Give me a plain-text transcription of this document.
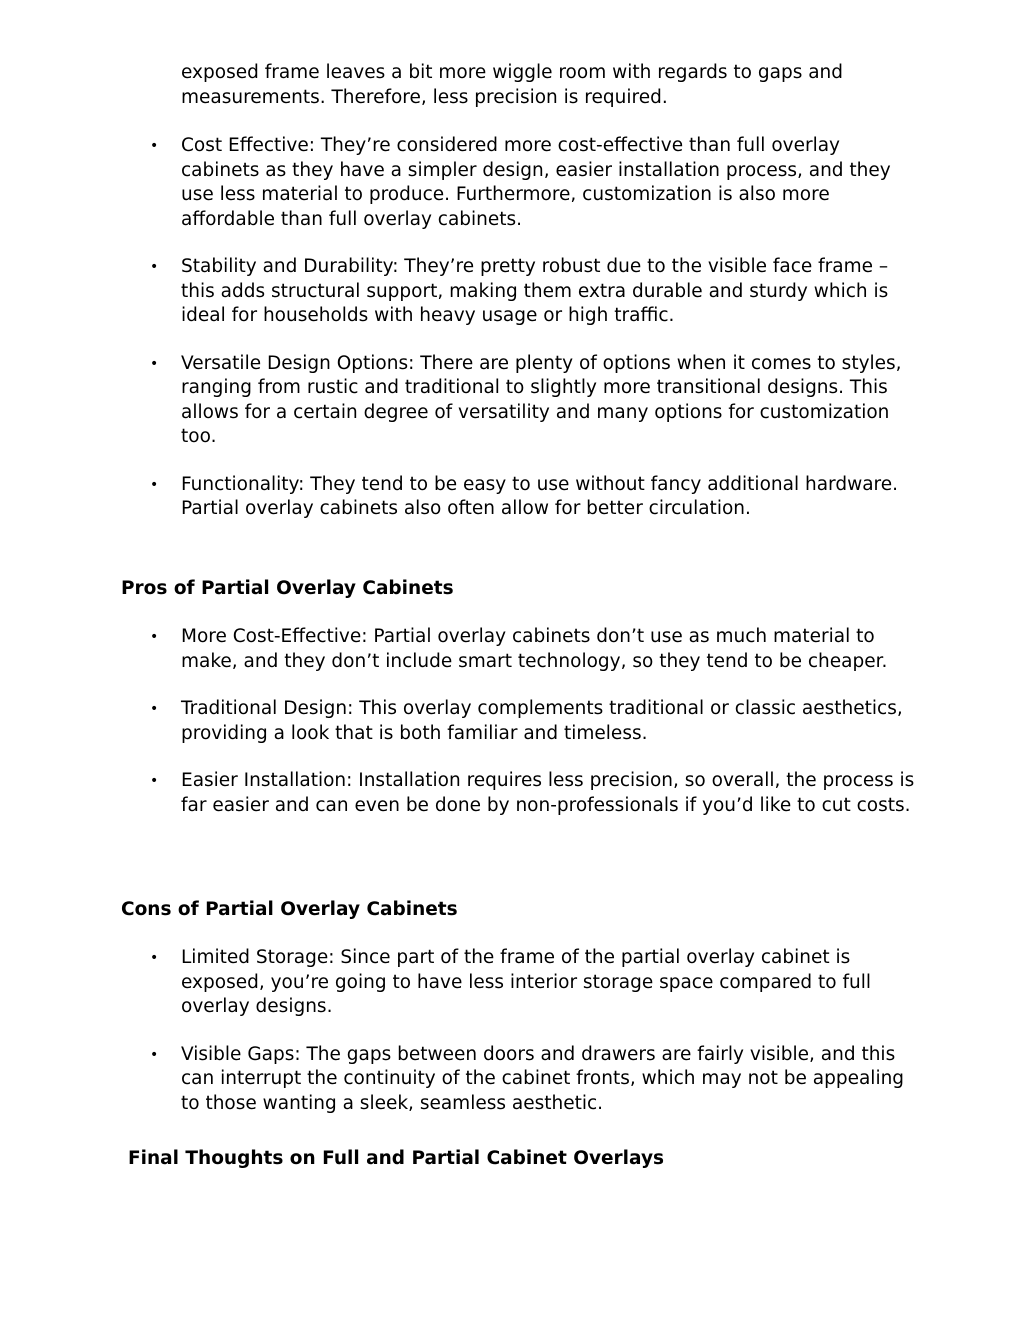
exposed frame leaves a bit more wiggle room with regards to gaps and measurements. Therefore, less precision is required.

• Cost Effective: They’re considered more cost-effective than full overlay cabinets as they have a simpler design, easier installation process, and they use less material to produce. Furthermore, customization is also more affordable than full overlay cabinets.
• Stability and Durability: They’re pretty robust due to the visible face frame – this adds structural support, making them extra durable and sturdy which is ideal for households with heavy usage or high traffic.
• Versatile Design Options: There are plenty of options when it comes to styles, ranging from rustic and traditional to slightly more transitional designs. This allows for a certain degree of versatility and many options for customization too.
• Functionality: They tend to be easy to use without fancy additional hardware. Partial overlay cabinets also often allow for better circulation.
Pros of Partial Overlay Cabinets
• More Cost-Effective: Partial overlay cabinets don’t use as much material to make, and they don’t include smart technology, so they tend to be cheaper.
• Traditional Design: This overlay complements traditional or classic aesthetics, providing a look that is both familiar and timeless.
• Easier Installation: Installation requires less precision, so overall, the process is far easier and can even be done by non-professionals if you’d like to cut costs.
Cons of Partial Overlay Cabinets
• Limited Storage: Since part of the frame of the partial overlay cabinet is exposed, you’re going to have less interior storage space compared to full overlay designs.
• Visible Gaps: The gaps between doors and drawers are fairly visible, and this can interrupt the continuity of the cabinet fronts, which may not be appealing to those wanting a sleek, seamless aesthetic.
Final Thoughts on Full and Partial Cabinet Overlays
